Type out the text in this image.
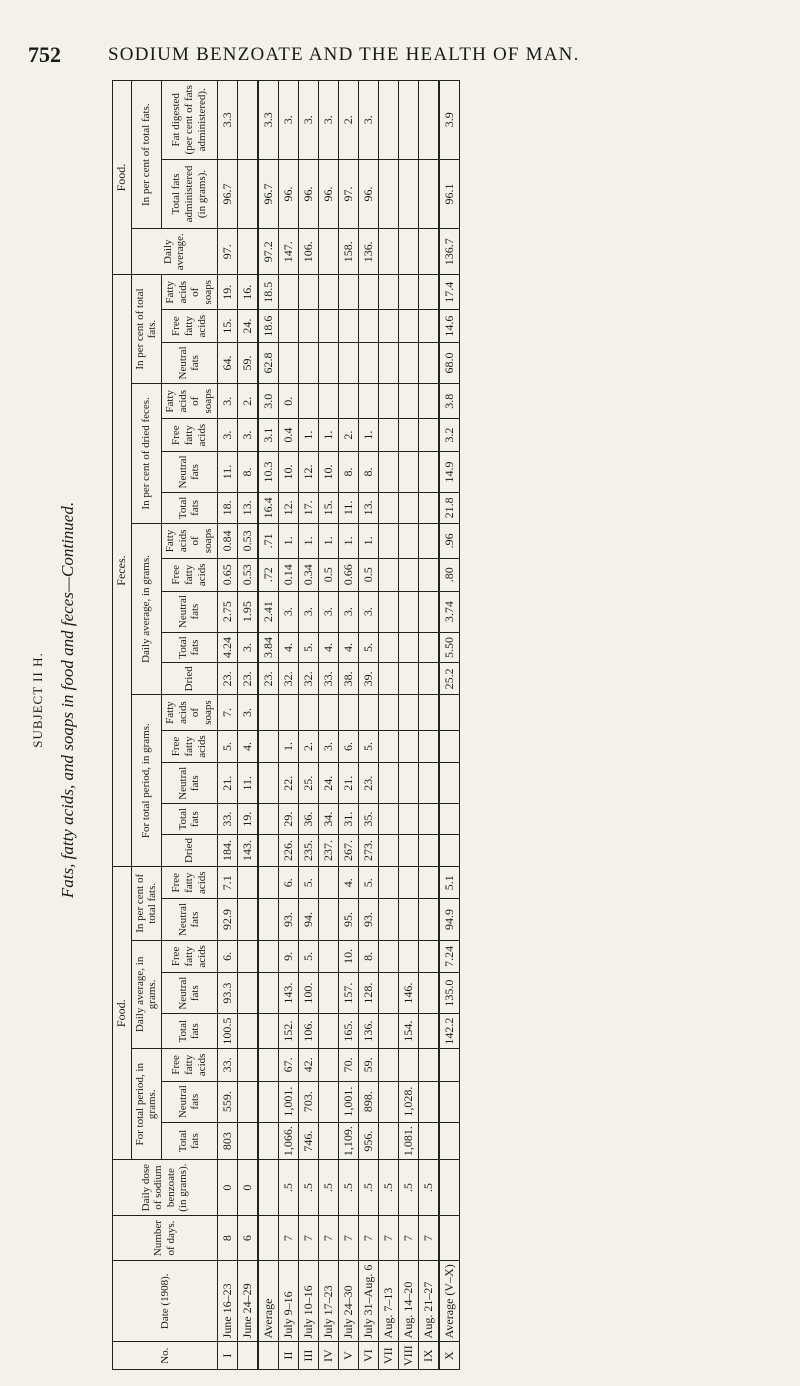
752 SODIUM BENZOATE AND THE HEALTH OF MAN.
SUBJECT II H. Fats, fatty acids, and soaps in food and feces—Continued.
No.	Date (1908).	Number of days.	Daily dose of sodium benzoate (in grams).	Food.								Feces.																	Food.		
				For total period, in grams.			Daily average, in grams.			In per cent of total fats.		For total period, in grams.					Daily average, in grams.					In per cent of dried feces.				In per cent of total fats.			Daily average.	In per cent of total fats.	
				Total fats	Neutral fats	Free fatty acids	Total fats	Neutral fats	Free fatty acids	Neutral fats	Free fatty acids	Dried	Total fats	Neutral fats	Free fatty acids	Fatty acids of soaps	Dried	Total fats	Neutral fats	Free fatty acids	Fatty acids of soaps	Total fats	Neutral fats	Free fatty acids	Fatty acids of soaps	Neutral fats	Free fatty acids	Fatty acids of soaps		Total fats administered (in grams).	Fat digested (per cent of fats administered).
I	June 16–23	8	0	803	559.	33.	100.5	93.3	6.	92.9	7.1	184.	33.	21.	5.	7.	23.	4.24	2.75	0.65	0.84	18.	11.	3.	3.	64.	15.	19.	97.	96.7	3.3
	June 24–29	6	0									143.	19.	11.	4.	3.	23.	3.	1.95	0.53	0.53	13.	8.	3.	2.	59.	24.	16.			
	Average																23.	3.84	2.41	.72	.71	16.4	10.3	3.1	3.0	62.8	18.6	18.5	97.2	96.7	3.3
II	July 9–16	7	.5	1,066.	1,001.	67.	152.	143.	9.	93.	6.	226.	29.	22.	1.		32.	4.	3.	0.14	1.	12.	10.	0.4	0.				147.	96.	3.
III	July 10–16	7	.5	746.	703.	42.	106.	100.	5.	94.	5.	235.	36.	25.	2.		32.	5.	3.	0.34	1.	17.	12.	1.					106.	96.	3.
IV	July 17–23	7	.5									237.	34.	24.	3.		33.	4.	3.	0.5	1.	15.	10.	1.						96.	3.
V	July 24–30	7	.5	1,109.	1,001.	70.	165.	157.	10.	95.	4.	267.	31.	21.	6.		38.	4.	3.	0.66	1.	11.	8.	2.					158.	97.	2.
VI	July 31–Aug. 6	7	.5	956.	898.	59.	136.	128.	8.	93.	5.	273.	35.	23.	5.		39.	5.	3.	0.5	1.	13.	8.	1.					136.	96.	3.
VII	Aug. 7–13	7	.5																												
VIII	Aug. 14–20	7	.5	1,081.	1,028.		154.	146.																							
IX	Aug. 21–27	7	.5																												
X	Average (V–X)						142.2	135.0	7.24	94.9	5.1						25.2	5.50	3.74	.80	.96	21.8	14.9	3.2	3.8	68.0	14.6	17.4	136.7	96.1	3.9
